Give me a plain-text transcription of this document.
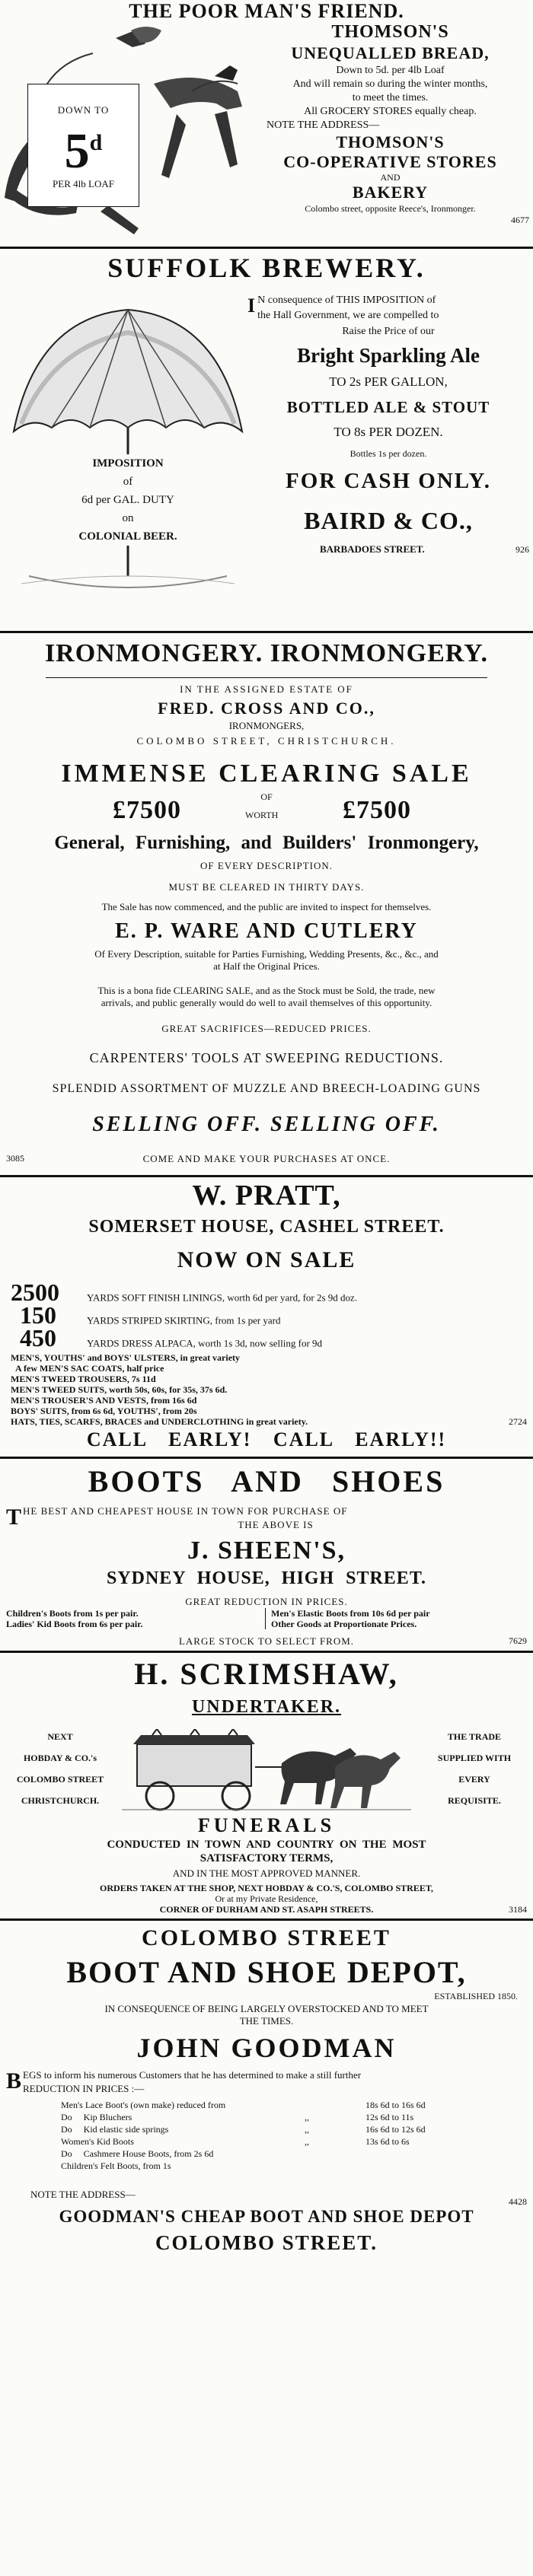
THE POOR MAN'S FRIEND.
DOWN TO
5$^d$
PER 4lb LOAF
THOMSON'S
UNEQUALLED BREAD,
Down to 5d. per 4lb Loaf
And will remain so during the winter months,
to meet the times.
All GROCERY STORES equally cheap.
NOTE THE ADDRESS—
THOMSON'S
CO-OPERATIVE STORES
AND
BAKERY
Colombo street, opposite Reece's, Ironmonger.
4677
SUFFOLK BREWERY.
IMPOSITION
of
6d per GAL. DUTY
on
COLONIAL BEER.
I N consequence of THIS IMPOSITION of
the Hall Government, we are compelled to
Raise the Price of our
Bright Sparkling Ale
TO 2s PER GALLON,
BOTTLED ALE & STOUT
TO 8s PER DOZEN.
Bottles 1s per dozen.
FOR CASH ONLY.
BAIRD & CO.,
BARBADOES STREET.	926
IRONMONGERY. IRONMONGERY.
IN THE ASSIGNED ESTATE OF
FRED. CROSS AND CO.,
IRONMONGERS,
COLOMBO STREET, CHRISTCHURCH.
IMMENSE CLEARING SALE
OF
£7500	WORTH £7500
General, Furnishing, and Builders' Ironmongery,
OF EVERY DESCRIPTION.
MUST BE CLEARED IN THIRTY DAYS.
The Sale has now commenced, and the public are invited to inspect for themselves.
E. P. WARE AND CUTLERY
Of Every Description, suitable for Parties Furnishing, Wedding Presents, &c., &c., and
at Half the Original Prices.
This is a bona fide CLEARING SALE, and as the Stock must be Sold, the trade, new
arrivals, and public generally would do well to avail themselves of this opportunity.
GREAT SACRIFICES—REDUCED PRICES.
CARPENTERS' TOOLS AT SWEEPING REDUCTIONS.
SPLENDID ASSORTMENT OF MUZZLE AND BREECH-LOADING GUNS
SELLING OFF. SELLING OFF.
3085	COME AND MAKE YOUR PURCHASES AT ONCE.
W. PRATT,
SOMERSET HOUSE, CASHEL STREET.
NOW ON SALE
2500	YARDS SOFT FINISH LININGS, worth 6d per yard, for 2s 9d doz.
150	YARDS STRIPED SKIRTING, from 1s per yard
450	YARDS DRESS ALPACA, worth 1s 3d, now selling for 9d
MEN'S, YOUTHS' and BOYS' ULSTERS, in great variety
A few MEN'S SAC COATS, half price
MEN'S TWEED TROUSERS, 7s 11d
MEN'S TWEED SUITS, worth 50s, 60s, for 35s, 37s 6d.
MEN'S TROUSER'S AND VESTS, from 16s 6d
BOYS' SUITS, from 6s 6d, YOUTHS', from 20s
HATS, TIES, SCARFS, BRACES and UNDERCLOTHING in great variety.	2724
CALL EARLY! CALL EARLY!!
BOOTS AND SHOES
THE BEST AND CHEAPEST HOUSE IN TOWN FOR PURCHASE OF
THE ABOVE IS
J. SHEEN'S,
SYDNEY HOUSE, HIGH STREET.
GREAT REDUCTION IN PRICES.
Children's Boots from 1s per pair.
Ladies' Kid Boots from 6s per pair.
Men's Elastic Boots from 10s 6d per pair
Other Goods at Proportionate Prices.
LARGE STOCK TO SELECT FROM.	7629
H. SCRIMSHAW,
UNDERTAKER.
NEXT
HOBDAY & CO.'s
COLOMBO STREET
CHRISTCHURCH.
THE TRADE
SUPPLIED WITH
EVERY
REQUISITE.
FUNERALS
CONDUCTED IN TOWN AND COUNTRY ON THE MOST
SATISFACTORY TERMS,
AND IN THE MOST APPROVED MANNER.
ORDERS TAKEN AT THE SHOP, NEXT HOBDAY & CO.'S, COLOMBO STREET,
Or at my Private Residence,
CORNER OF DURHAM AND ST. ASAPH STREETS.	3184
COLOMBO STREET
BOOT AND SHOE DEPOT,
ESTABLISHED 1850.
IN CONSEQUENCE OF BEING LARGELY OVERSTOCKED AND TO MEET
THE TIMES.
JOHN GOODMAN
BEGS to inform his numerous Customers that he has determined to make a still further
REDUCTION IN PRICES :—
Men's Lace Boot's (own make) reduced from	18s 6d to 16s 6d
Do     Kip Bluchers	,,	12s 6d to 11s
Do     Kid elastic side springs	,,	16s 6d to 12s 6d
Women's Kid Boots	,,	13s 6d to 6s
Do     Cashmere House Boots, from 2s 6d
Children's Felt Boots, from 1s
NOTE THE ADDRESS—
4428
GOODMAN'S CHEAP BOOT AND SHOE DEPOT
COLOMBO STREET.
